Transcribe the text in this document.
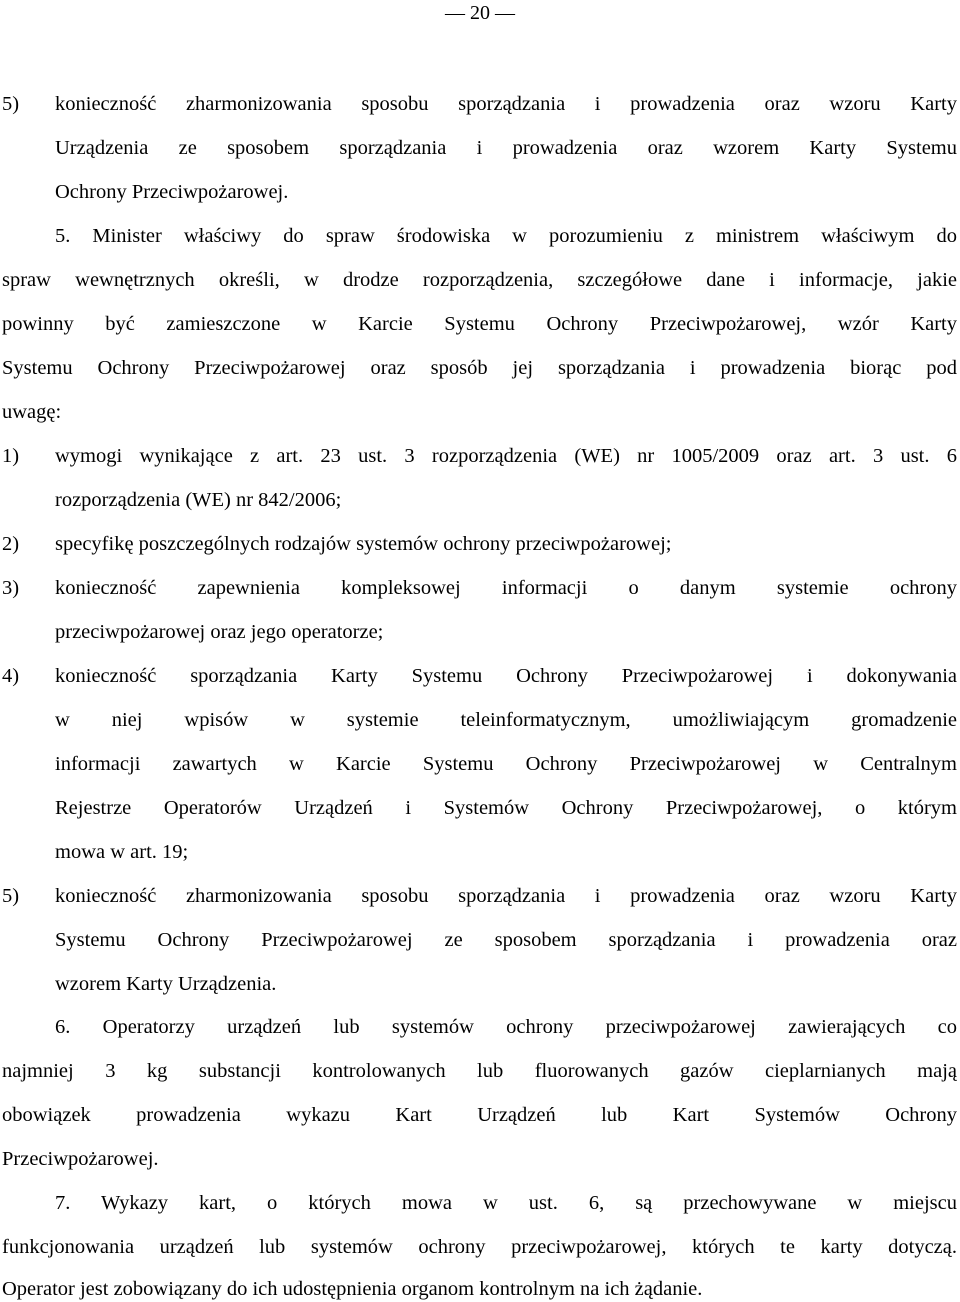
— 20 —
5) konieczność zharmonizowania sposobu sporządzania i prowadzenia oraz wzoru Karty
Urządzenia ze sposobem sporządzania i prowadzenia oraz wzorem Karty Systemu
Ochrony Przeciwpożarowej.
5. Minister właściwy do spraw środowiska w porozumieniu z ministrem właściwym do
spraw wewnętrznych określi, w drodze rozporządzenia, szczegółowe dane i informacje, jakie
powinny być zamieszczone w Karcie Systemu Ochrony Przeciwpożarowej, wzór Karty
Systemu Ochrony Przeciwpożarowej oraz sposób jej sporządzania i prowadzenia biorąc pod
uwagę:
1) wymogi wynikające z art. 23 ust. 3 rozporządzenia (WE) nr 1005/2009 oraz art. 3 ust. 6
rozporządzenia (WE) nr 842/2006;
2) specyfikę poszczególnych rodzajów systemów ochrony przeciwpożarowej;
3) konieczność zapewnienia kompleksowej informacji o danym systemie ochrony
przeciwpożarowej oraz jego operatorze;
4) konieczność sporządzania Karty Systemu Ochrony Przeciwpożarowej i dokonywania
w niej wpisów w systemie teleinformatycznym, umożliwiającym gromadzenie
informacji zawartych w Karcie Systemu Ochrony Przeciwpożarowej w Centralnym
Rejestrze Operatorów Urządzeń i Systemów Ochrony Przeciwpożarowej, o którym
mowa w art. 19;
5) konieczność zharmonizowania sposobu sporządzania i prowadzenia oraz wzoru Karty
Systemu Ochrony Przeciwpożarowej ze sposobem sporządzania i prowadzenia oraz
wzorem Karty Urządzenia.
6. Operatorzy urządzeń lub systemów ochrony przeciwpożarowej zawierających co
najmniej 3 kg substancji kontrolowanych lub fluorowanych gazów cieplarnianych mają
obowiązek prowadzenia wykazu Kart Urządzeń lub Kart Systemów Ochrony
Przeciwpożarowej.
7. Wykazy kart, o których mowa w ust. 6, są przechowywane w miejscu
funkcjonowania urządzeń lub systemów ochrony przeciwpożarowej, których te karty dotyczą.
Operator jest zobowiązany do ich udostępnienia organom kontrolnym na ich żądanie.
